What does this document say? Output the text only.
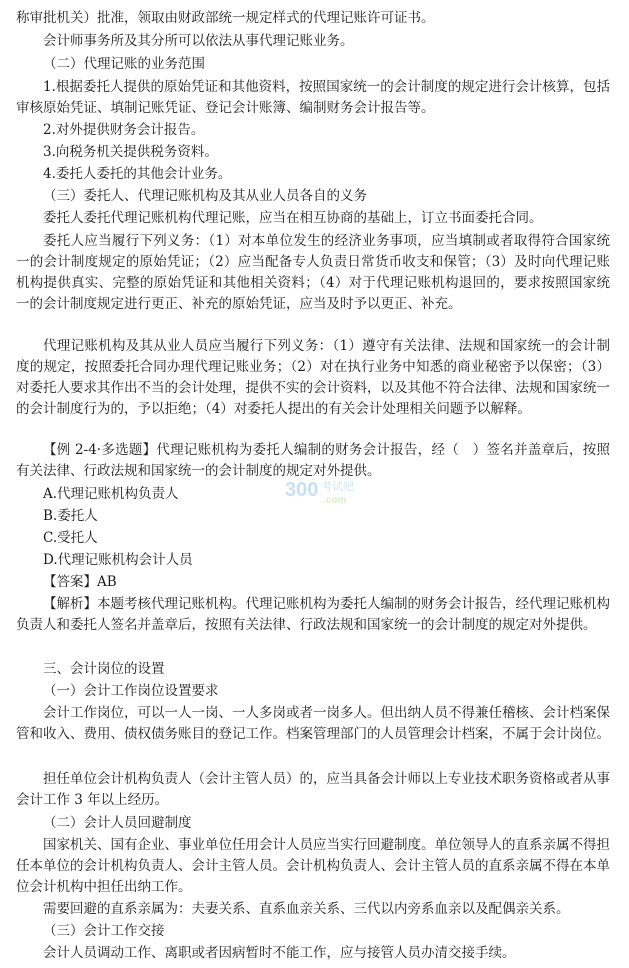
称审批机关）批准，领取由财政部统一规定样式的代理记账许可证书。

会计师事务所及其分所可以依法从事代理记账业务。

（二）代理记账的业务范围

1.根据委托人提供的原始凭证和其他资料，按照国家统一的会计制度的规定进行会计核算，包括审核原始凭证、填制记账凭证、登记会计账簿、编制财务会计报告等。

2.对外提供财务会计报告。

3.向税务机关提供税务资料。

4.委托人委托的其他会计业务。

（三）委托人、代理记账机构及其从业人员各自的义务

委托人委托代理记账机构代理记账，应当在相互协商的基础上，订立书面委托合同。

委托人应当履行下列义务：（1）对本单位发生的经济业务事项，应当填制或者取得符合国家统一的会计制度规定的原始凭证；（2）应当配备专人负责日常货币收支和保管；（3）及时向代理记账机构提供真实、完整的原始凭证和其他相关资料；（4）对于代理记账机构退回的，要求按照国家统一的会计制度规定进行更正、补充的原始凭证，应当及时予以更正、补充。

代理记账机构及其从业人员应当履行下列义务：（1）遵守有关法律、法规和国家统一的会计制度的规定，按照委托合同办理代理记账业务；（2）对在执行业务中知悉的商业秘密予以保密；（3）对委托人要求其作出不当的会计处理，提供不实的会计资料，以及其他不符合法律、法规和国家统一的会计制度行为的，予以拒绝；（4）对委托人提出的有关会计处理相关问题予以解释。

【例 2-4·多选题】代理记账机构为委托人编制的财务会计报告，经（　）签名并盖章后，按照有关法律、行政法规和国家统一的会计制度的规定对外提供。

A.代理记账机构负责人

B.委托人

C.受托人

D.代理记账机构会计人员

【答案】AB

【解析】本题考核代理记账机构。代理记账机构为委托人编制的财务会计报告，经代理记账机构负责人和委托人签名并盖章后，按照有关法律、行政法规和国家统一的会计制度的规定对外提供。

三、会计岗位的设置

（一）会计工作岗位设置要求

会计工作岗位，可以一人一岗、一人多岗或者一岗多人。但出纳人员不得兼任稽核、会计档案保管和收入、费用、债权债务账目的登记工作。档案管理部门的人员管理会计档案，不属于会计岗位。

担任单位会计机构负责人（会计主管人员）的，应当具备会计师以上专业技术职务资格或者从事会计工作 3 年以上经历。

（二）会计人员回避制度

国家机关、国有企业、事业单位任用会计人员应当实行回避制度。单位领导人的直系亲属不得担任本单位的会计机构负责人、会计主管人员。会计机构负责人、会计主管人员的直系亲属不得在本单位会计机构中担任出纳工作。

需要回避的直系亲属为：夫妻关系、直系血亲关系、三代以内旁系血亲以及配偶亲关系。

（三）会计工作交接

会计人员调动工作、离职或者因病暂时不能工作，应与接管人员办清交接手续。

300 考试吧
.com
